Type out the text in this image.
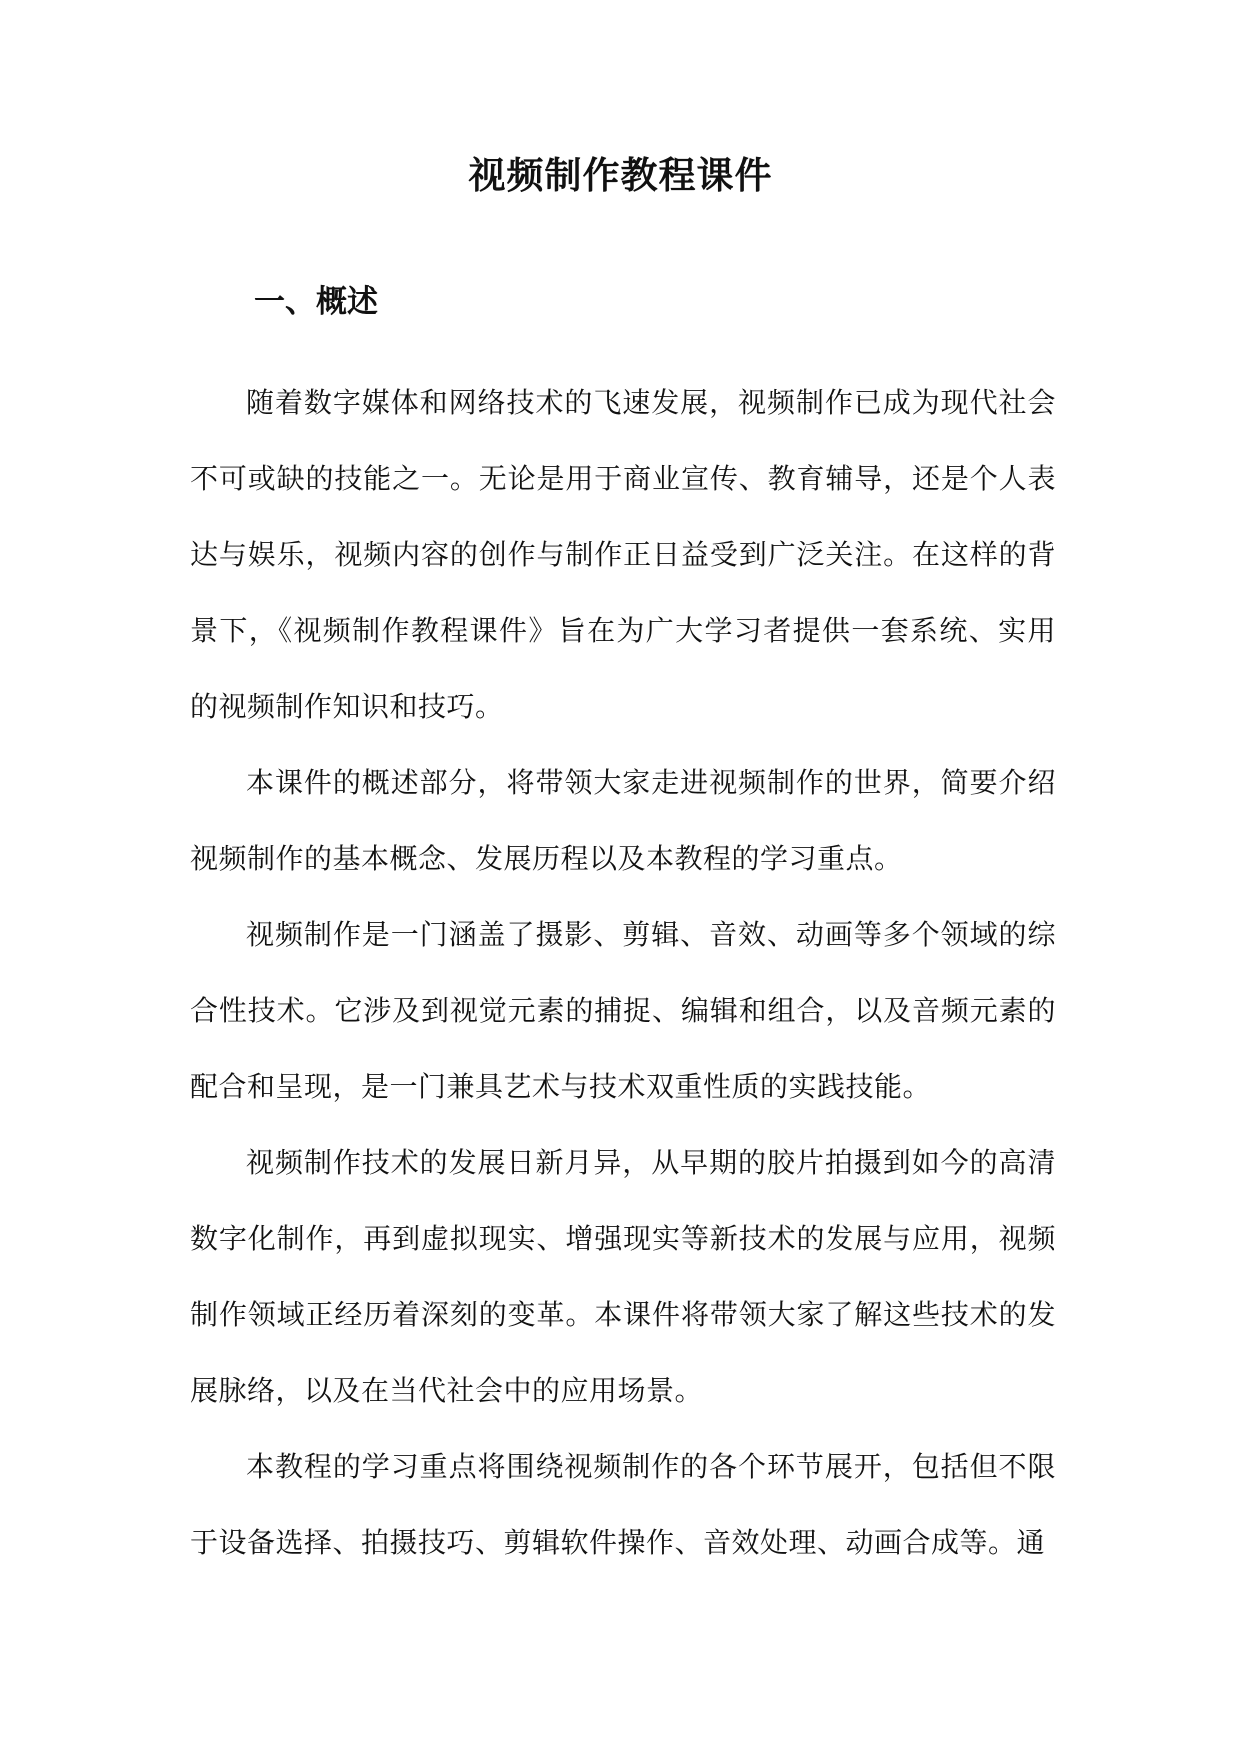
视频制作教程课件
一、概述

随着数字媒体和网络技术的飞速发展，视频制作已成为现代社会不可或缺的技能之一。无论是用于商业宣传、教育辅导，还是个人表达与娱乐，视频内容的创作与制作正日益受到广泛关注。在这样的背景下，《视频制作教程课件》旨在为广大学习者提供一套系统、实用的视频制作知识和技巧。

本课件的概述部分，将带领大家走进视频制作的世界，简要介绍视频制作的基本概念、发展历程以及本教程的学习重点。

视频制作是一门涵盖了摄影、剪辑、音效、动画等多个领域的综合性技术。它涉及到视觉元素的捕捉、编辑和组合，以及音频元素的配合和呈现，是一门兼具艺术与技术双重性质的实践技能。

视频制作技术的发展日新月异，从早期的胶片拍摄到如今的高清数字化制作，再到虚拟现实、增强现实等新技术的发展与应用，视频制作领域正经历着深刻的变革。本课件将带领大家了解这些技术的发展脉络，以及在当代社会中的应用场景。

本教程的学习重点将围绕视频制作的各个环节展开，包括但不限于设备选择、拍摄技巧、剪辑软件操作、音效处理、动画合成等。通
